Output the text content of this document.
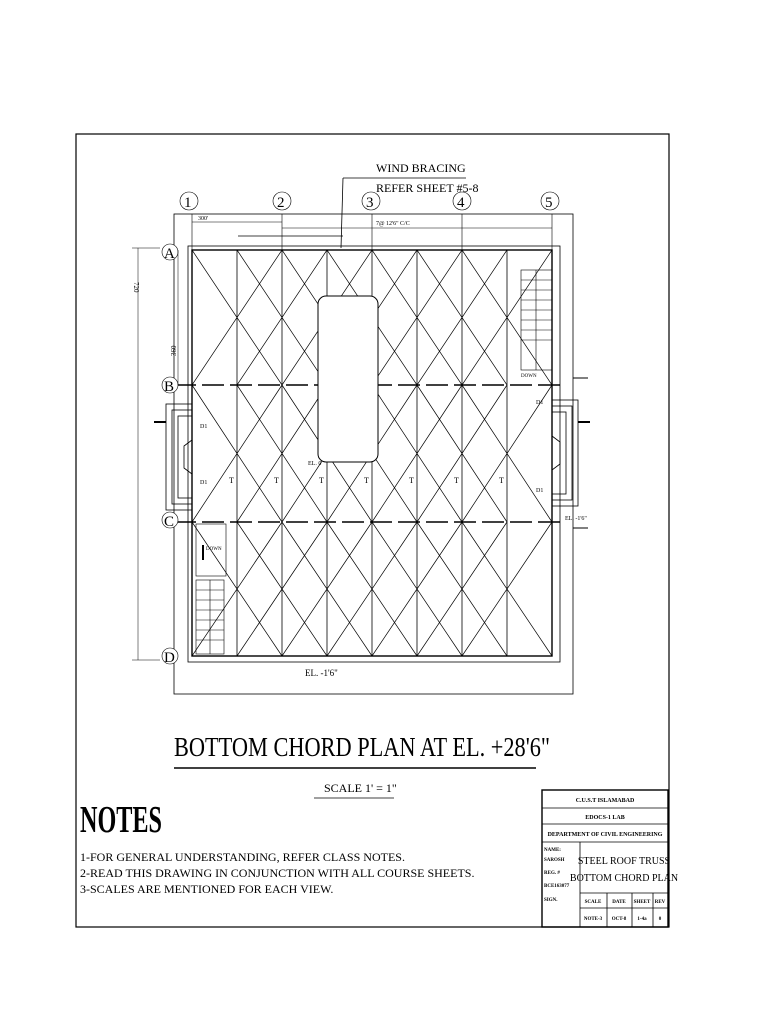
EL. 0
T	T	T	T	T	T	T
DOWN
DOWN
D1
D1
D1
D1
EL. -1'6"
EL. -1'6"
1	2	3	4	5
A
B
C
D
300'
7@ 12'6" C/C
720
360
WIND BRACING
REFER SHEET #5-8
BOTTOM CHORD PLAN AT EL. +28'6"
SCALE 1' = 1"
NOTES
1-FOR GENERAL UNDERSTANDING, REFER CLASS NOTES.
2-READ THIS DRAWING IN CONJUNCTION WITH ALL COURSE SHEETS.
3-SCALES ARE MENTIONED FOR EACH VIEW.
C.U.S.T ISLAMABAD
EDOCS-1 LAB
DEPARTMENT OF CIVIL ENGINEERING
NAME:
SAROSH
REG. #
BCE163077
SIGN.
STEEL ROOF TRUSS
BOTTOM CHORD PLAN
SCALE DATE SHEET REV
NOTE-3 OCT-8 1-4a 0
